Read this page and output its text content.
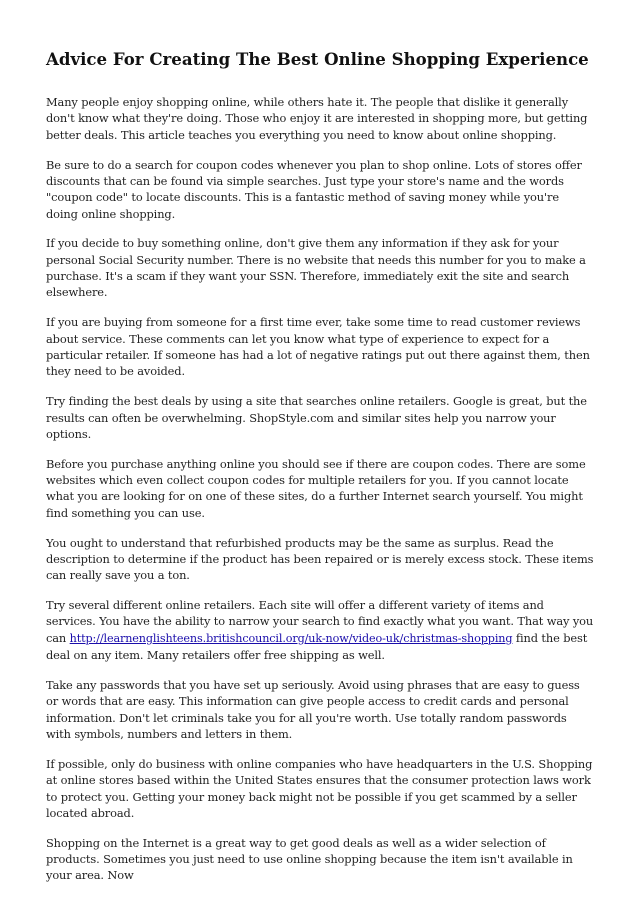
Advice For Creating The Best Online Shopping Experience

Many people enjoy shopping online, while others hate it. The people that dislike it generally don't know what they're doing. Those who enjoy it are interested in shopping more, but getting better deals. This article teaches you everything you need to know about online shopping.

Be sure to do a search for coupon codes whenever you plan to shop online. Lots of stores offer discounts that can be found via simple searches. Just type your store's name and the words "coupon code" to locate discounts. This is a fantastic method of saving money while you're doing online shopping.

If you decide to buy something online, don't give them any information if they ask for your personal Social Security number. There is no website that needs this number for you to make a purchase. It's a scam if they want your SSN. Therefore, immediately exit the site and search elsewhere.

If you are buying from someone for a first time ever, take some time to read customer reviews about service. These comments can let you know what type of experience to expect for a particular retailer. If someone has had a lot of negative ratings put out there against them, then they need to be avoided.

Try finding the best deals by using a site that searches online retailers. Google is great, but the results can often be overwhelming. ShopStyle.com and similar sites help you narrow your options.

Before you purchase anything online you should see if there are coupon codes. There are some websites which even collect coupon codes for multiple retailers for you. If you cannot locate what you are looking for on one of these sites, do a further Internet search yourself. You might find something you can use.

You ought to understand that refurbished products may be the same as surplus. Read the description to determine if the product has been repaired or is merely excess stock. These items can really save you a ton.

Try several different online retailers. Each site will offer a different variety of items and services. You have the ability to narrow your search to find exactly what you want. That way you can http://learnenglishteens.britishcouncil.org/uk-now/video-uk/christmas-shopping find the best deal on any item. Many retailers offer free shipping as well.

Take any passwords that you have set up seriously. Avoid using phrases that are easy to guess or words that are easy. This information can give people access to credit cards and personal information. Don't let criminals take you for all you're worth. Use totally random passwords with symbols, numbers and letters in them.

If possible, only do business with online companies who have headquarters in the U.S. Shopping at online stores based within the United States ensures that the consumer protection laws work to protect you. Getting your money back might not be possible if you get scammed by a seller located abroad.

Shopping on the Internet is a great way to get good deals as well as a wider selection of products. Sometimes you just need to use online shopping because the item isn't available in your area. Now
